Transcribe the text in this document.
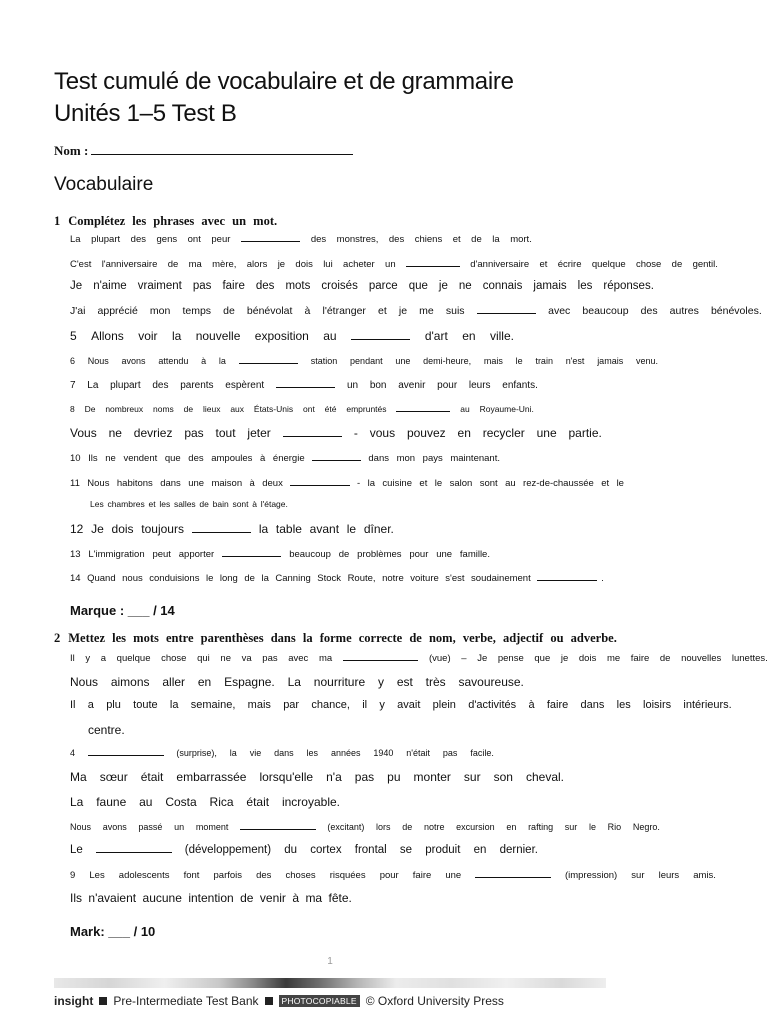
Test cumulé de vocabulaire et de grammaire
Unités 1–5 Test B
Nom :
Vocabulaire
1 Complétez les phrases avec un mot.
La plupart des gens ont peur	des monstres, des chiens et de la mort.
C'est l'anniversaire de ma mère, alors je dois lui acheter un	d'anniversaire et écrire quelque chose de gentil.
Je n'aime vraiment pas faire des mots croisés parce que je ne connais jamais les réponses.
J'ai apprécié mon temps de bénévolat à l'étranger et je me suis	avec beaucoup des autres bénévoles.
5 Allons voir la nouvelle exposition au	d'art en ville.
6 Nous avons attendu à la	station pendant une demi-heure, mais le train n'est jamais venu.
7 La plupart des parents espèrent	un bon avenir pour leurs enfants.
8 De nombreux noms de lieux aux États-Unis ont été empruntés	au Royaume-Uni.
Vous ne devriez pas tout jeter	- vous pouvez en recycler une partie.
10 Ils ne vendent que des ampoules à énergie	dans mon pays maintenant.
11 Nous habitons dans une maison à deux	- la cuisine et le salon sont au rez-de-chaussée et le
Les chambres et les salles de bain sont à l'étage.
12 Je dois toujours	la table avant le dîner.
13 L'immigration peut apporter	beaucoup de problèmes pour une famille.
14 Quand nous conduisions le long de la Canning Stock Route, notre voiture s'est soudainement	.
Marque : ___ / 14
2 Mettez les mots entre parenthèses dans la forme correcte de nom, verbe, adjectif ou adverbe.
Il y a quelque chose qui ne va pas avec ma	(vue) – Je pense que je dois me faire de nouvelles lunettes.
Nous aimons aller en Espagne. La nourriture y est très savoureuse.
Il a plu toute la semaine, mais par chance, il y avait plein d'activités à faire dans les loisirs intérieurs.
centre.
4	(surprise), la vie dans les années 1940 n'était pas facile.
Ma sœur était embarrassée lorsqu'elle n'a pas pu monter sur son cheval.
La faune au Costa Rica était incroyable.
Nous avons passé un moment	(excitant) lors de notre excursion en rafting sur le Rio Negro.
Le	(développement) du cortex frontal se produit en dernier.
9 Les adolescents font parfois des choses risquées pour faire une	(impression) sur leurs amis.
Ils n'avaient aucune intention de venir à ma fête.
Mark: ___ / 10
1
insight Pre-Intermediate Test Bank	PHOTOCOPIABLE © Oxford University Press
